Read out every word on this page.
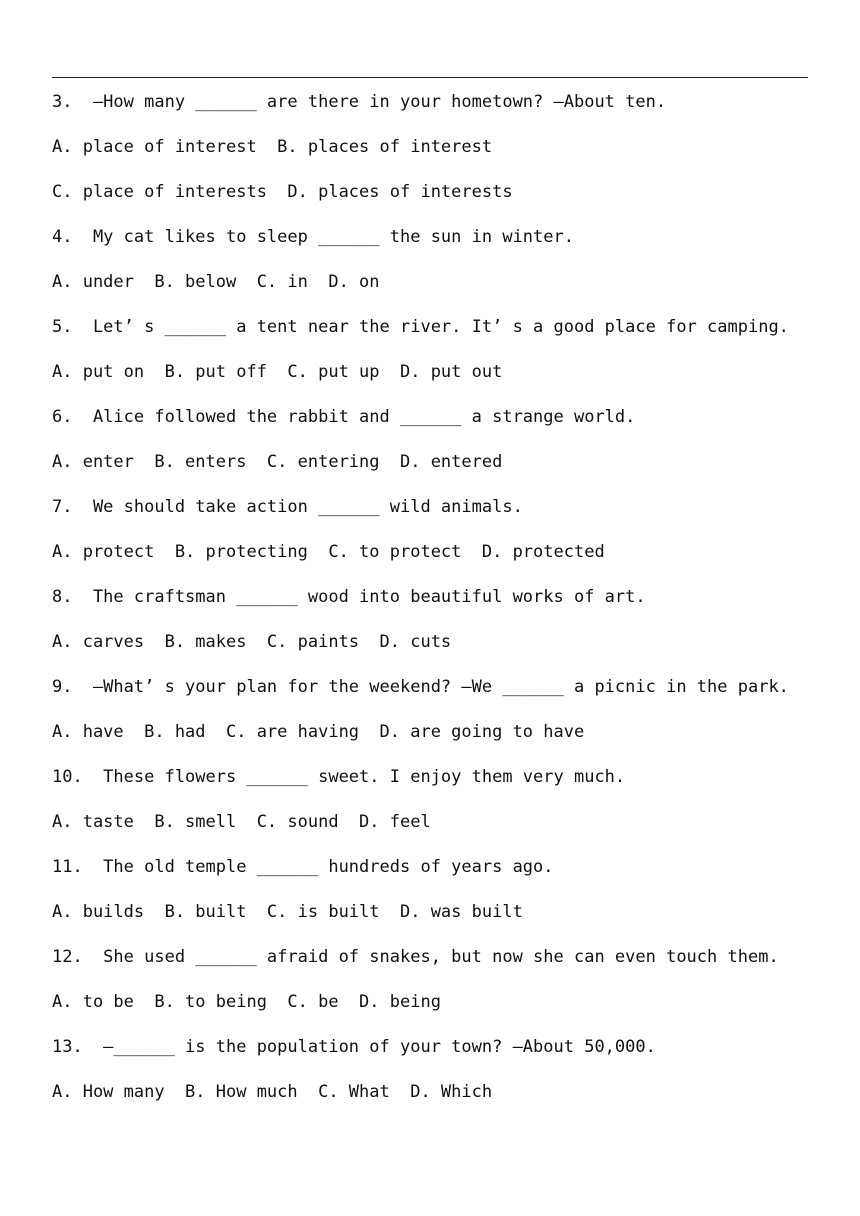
3.  —How many ______ are there in your hometown? —About ten.
A. place of interest  B. places of interest
C. place of interests  D. places of interests
4.  My cat likes to sleep ______ the sun in winter.
A. under  B. below  C. in  D. on
5.  Let’ s ______ a tent near the river. It’ s a good place for camping.
A. put on  B. put off  C. put up  D. put out
6.  Alice followed the rabbit and ______ a strange world.
A. enter  B. enters  C. entering  D. entered
7.  We should take action ______ wild animals.
A. protect  B. protecting  C. to protect  D. protected
8.  The craftsman ______ wood into beautiful works of art.
A. carves  B. makes  C. paints  D. cuts
9.  —What’ s your plan for the weekend? —We ______ a picnic in the park.
A. have  B. had  C. are having  D. are going to have
10.  These flowers ______ sweet. I enjoy them very much.
A. taste  B. smell  C. sound  D. feel
11.  The old temple ______ hundreds of years ago.
A. builds  B. built  C. is built  D. was built
12.  She used ______ afraid of snakes, but now she can even touch them.
A. to be  B. to being  C. be  D. being
13.  —______ is the population of your town? —About 50,000.
A. How many  B. How much  C. What  D. Which
